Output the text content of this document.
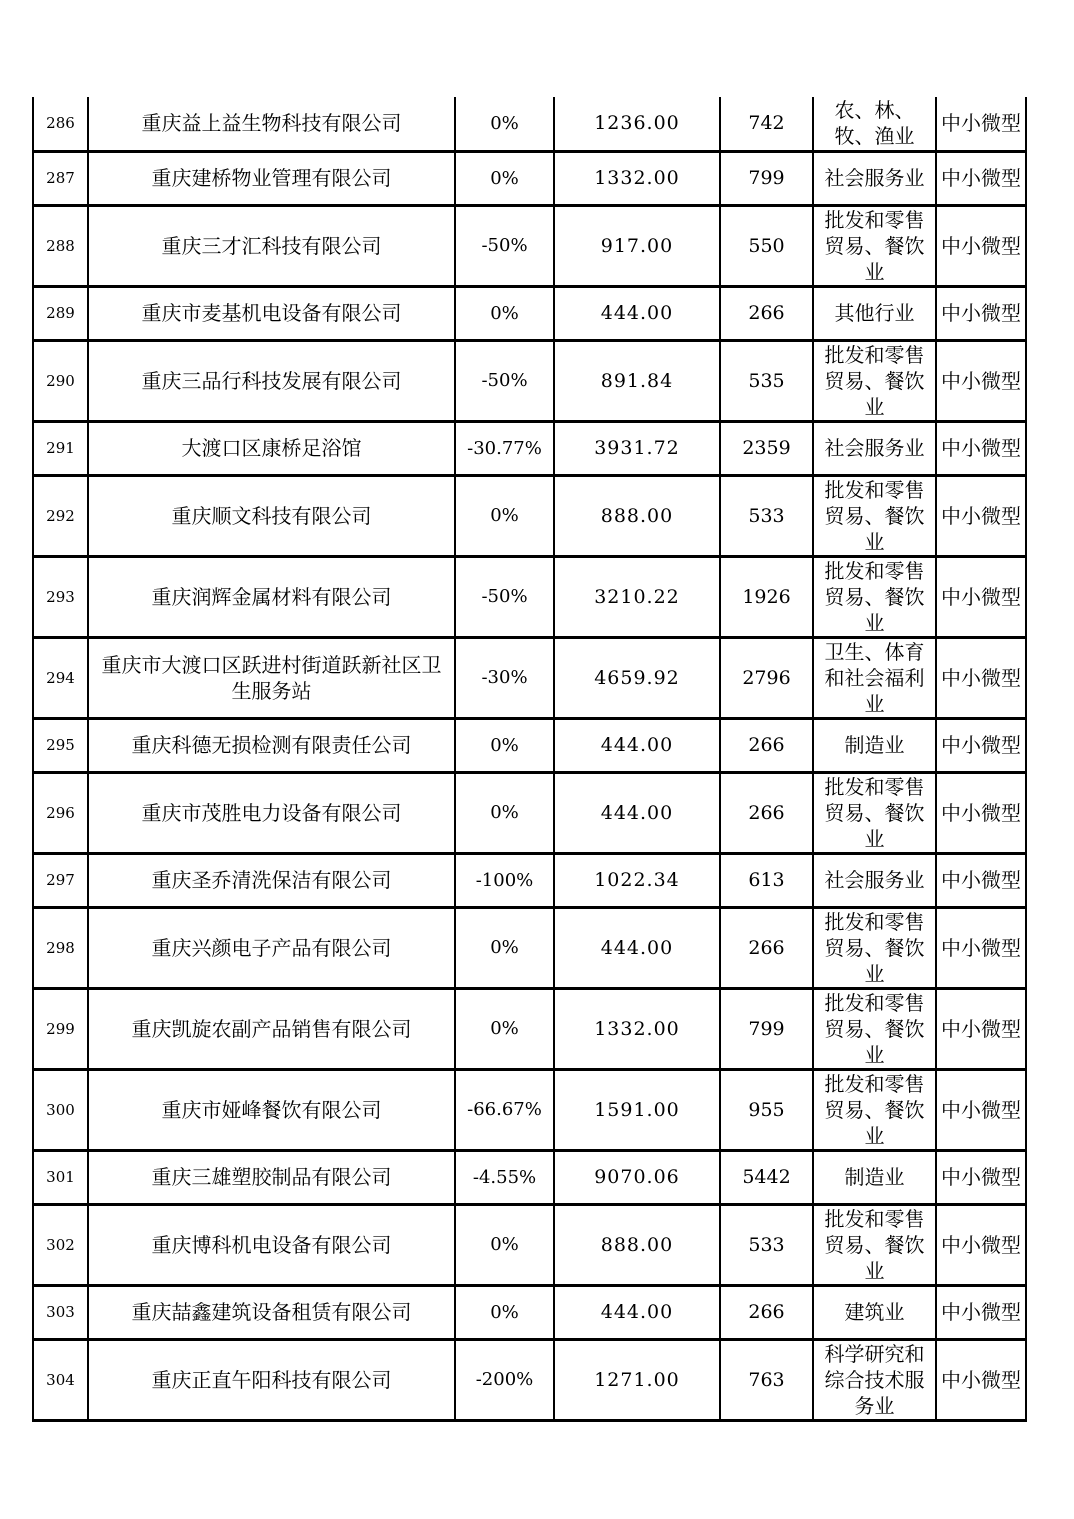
286	重庆益上益生物科技有限公司	0%	1236.00	742	农、林、牧、渔业	中小微型
287	重庆建桥物业管理有限公司	0%	1332.00	799	社会服务业	中小微型
288	重庆三才汇科技有限公司	-50%	917.00	550	批发和零售贸易、餐饮业	中小微型
289	重庆市麦基机电设备有限公司	0%	444.00	266	其他行业	中小微型
290	重庆三品行科技发展有限公司	-50%	891.84	535	批发和零售贸易、餐饮业	中小微型
291	大渡口区康桥足浴馆	-30.77%	3931.72	2359	社会服务业	中小微型
292	重庆顺文科技有限公司	0%	888.00	533	批发和零售贸易、餐饮业	中小微型
293	重庆润辉金属材料有限公司	-50%	3210.22	1926	批发和零售贸易、餐饮业	中小微型
294	重庆市大渡口区跃进村街道跃新社区卫生服务站	-30%	4659.92	2796	卫生、体育和社会福利业	中小微型
295	重庆科德无损检测有限责任公司	0%	444.00	266	制造业	中小微型
296	重庆市茂胜电力设备有限公司	0%	444.00	266	批发和零售贸易、餐饮业	中小微型
297	重庆圣乔清洗保洁有限公司	-100%	1022.34	613	社会服务业	中小微型
298	重庆兴颜电子产品有限公司	0%	444.00	266	批发和零售贸易、餐饮业	中小微型
299	重庆凯旋农副产品销售有限公司	0%	1332.00	799	批发和零售贸易、餐饮业	中小微型
300	重庆市娅峰餐饮有限公司	-66.67%	1591.00	955	批发和零售贸易、餐饮业	中小微型
301	重庆三雄塑胶制品有限公司	-4.55%	9070.06	5442	制造业	中小微型
302	重庆博科机电设备有限公司	0%	888.00	533	批发和零售贸易、餐饮业	中小微型
303	重庆喆鑫建筑设备租赁有限公司	0%	444.00	266	建筑业	中小微型
304	重庆正直午阳科技有限公司	-200%	1271.00	763	科学研究和综合技术服务业	中小微型
